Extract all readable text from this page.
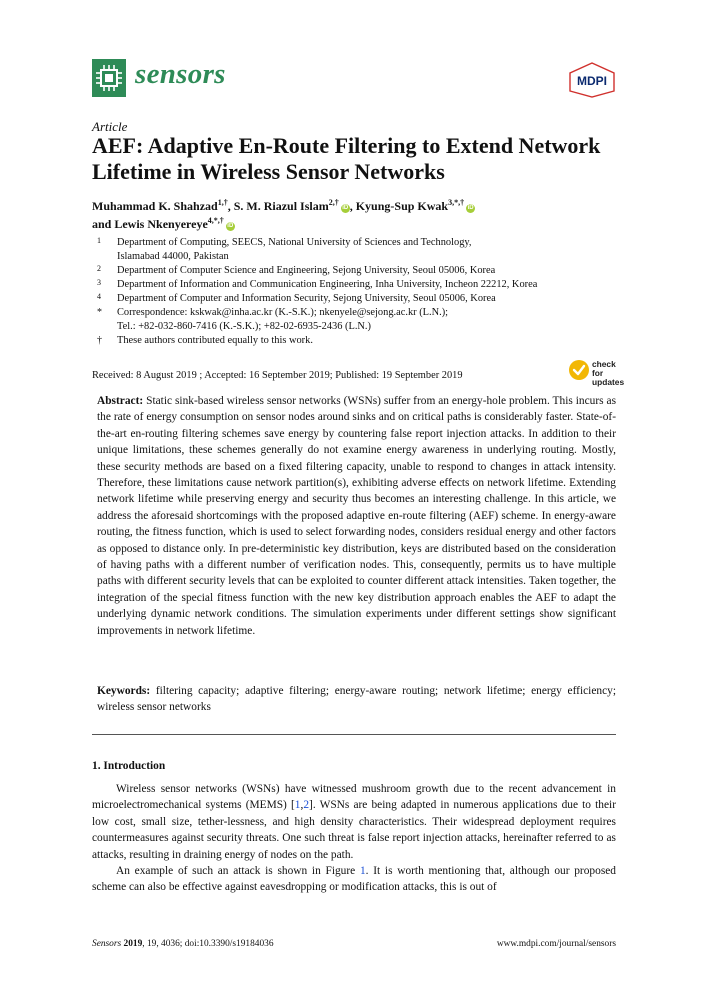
sensors	MDPI
Article
AEF: Adaptive En-Route Filtering to Extend Network
Lifetime in Wireless Sensor Networks
Muhammad K. Shahzad$^{1,\dagger}$, S. M. Riazul Islam$^{2,\dagger}$iD , Kyung-Sup Kwak$^{3,*,\dagger}$iD
and Lewis Nkenyereye$^{4,*,\dagger}$iD
1 Department of Computing, SEECS, National University of Sciences and Technology,
Islamabad 44000, Pakistan
2 Department of Computer Science and Engineering, Sejong University, Seoul 05006, Korea
3 Department of Information and Communication Engineering, Inha University, Incheon 22212, Korea
4 Department of Computer and Information Security, Sejong University, Seoul 05006, Korea
* Correspondence: kskwak@inha.ac.kr (K.-S.K.); nkenyele@sejong.ac.kr (L.N.);
Tel.: +82-032-860-7416 (K.-S.K.); +82-02-6935-2436 (L.N.)
† These authors contributed equally to this work.
check for
updates
Received: 8 August 2019 ; Accepted: 16 September 2019; Published: 19 September 2019
Abstract: Static sink-based wireless sensor networks (WSNs) suffer from an energy-hole problem. This incurs as the rate of energy consumption on sensor nodes around sinks and on critical paths is considerably faster. State-of-the-art en-routing filtering schemes save energy by countering false report injection attacks. In addition to their unique limitations, these schemes generally do not examine energy awareness in underlying routing. Mostly, these security methods are based on a fixed filtering capacity, unable to respond to changes in attack intensity. Therefore, these limitations cause network partition(s), exhibiting adverse effects on network lifetime. Extending network lifetime while preserving energy and security thus becomes an interesting challenge. In this article, we address the aforesaid shortcomings with the proposed adaptive en-route filtering (AEF) scheme. In energy-aware routing, the fitness function, which is used to select forwarding nodes, considers residual energy and other factors as opposed to distance only. In pre-deterministic key distribution, keys are distributed based on the consideration of having paths with a different number of verification nodes. This, consequently, permits us to have multiple paths with different security levels that can be exploited to counter different attack intensities. Taken together, the integration of the special fitness function with the new key distribution approach enables the AEF to adapt the underlying dynamic network conditions. The simulation experiments under different settings show significant improvements in network lifetime.
Keywords: filtering capacity; adaptive filtering; energy-aware routing; network lifetime; energy efficiency; wireless sensor networks
1. Introduction

Wireless sensor networks (WSNs) have witnessed mushroom growth due to the recent advancement in microelectromechanical systems (MEMS) [1,2]. WSNs are being adapted in numerous applications due to their low cost, small size, tether-lessness, and high density characteristics. Their widespread deployment requires countermeasures against security threats. One such threat is false report injection attacks, hereinafter referred to as attacks, resulting in draining energy of nodes on the path.

An example of such an attack is shown in Figure 1. It is worth mentioning that, although our proposed scheme can also be effective against eavesdropping or modification attacks, this is out of

Sensors 2019, 19, 4036; doi:10.3390/s19184036	www.mdpi.com/journal/sensors
